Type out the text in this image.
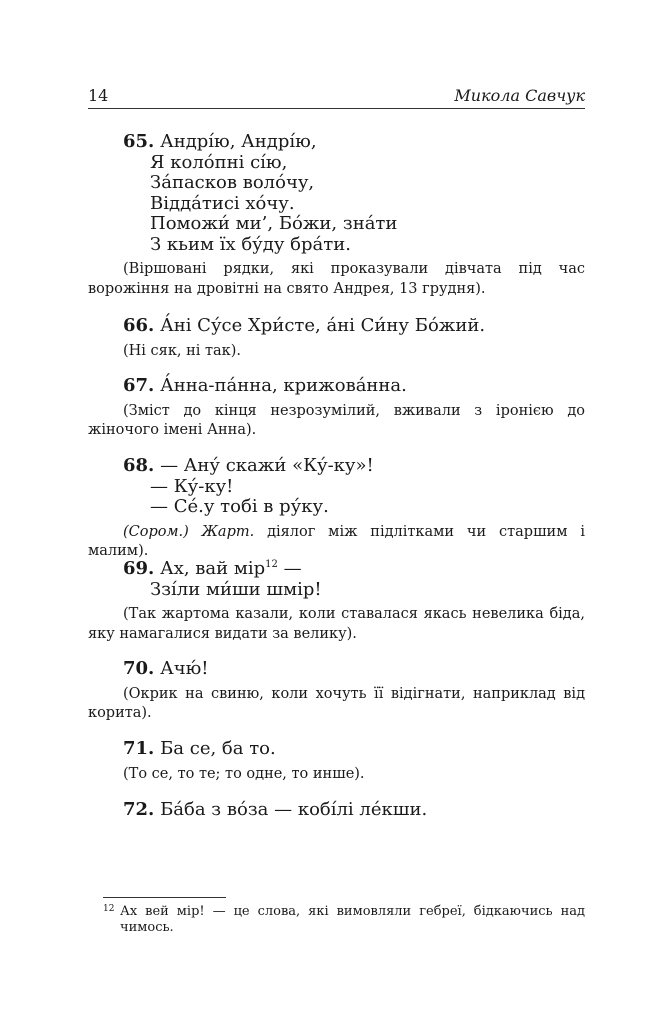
14	Микола Савчук
65. Андрі́ю, Андрі́ю,
Я коло́пні сі́ю,
За́пасков воло́чу,
Відда́тисі хо́чу.
Поможи́ ми’, Бо́жи, зна́ти
З кьим їх бу́ду бра́ти.

(Віршовані рядки, які проказували дівчата під час ворожіння на дровітні на свято Андрея, 13 грудня).

66. А́ні Су́се Хри́сте, а́ні Си́ну Бо́жий.

(Ні сяк, ні так).

67. А́нна-па́нна, крижова́нна.

(Зміст до кінця незрозумілий, вживали з іронією до жіночого імені Анна).

68. — Ану́ скажи́ «Ку́-ку»!
— Ку́-ку!
— Се́.у тобі в ру́ку.

(Сором.) Жарт. діялог між підлітками чи старшим і малим).

69. Ах, вай мір$^{12}$ —
Ззі́ли ми́ши шмір!

(Так жартома казали, коли ставалася якась невелика біда, яку намагалися видати за велику).

70. Ачю́!

(Окрик на свиню, коли хочуть її відігнати, наприклад від корита).

71. Ба се, ба то.

(То се, то те; то одне, то инше).

72. Ба́ба з во́за — кобі́лі ле́кши.
12 Ах вей мір! — це слова, які вимовляли гебреї, бідкаючись над чимось.
